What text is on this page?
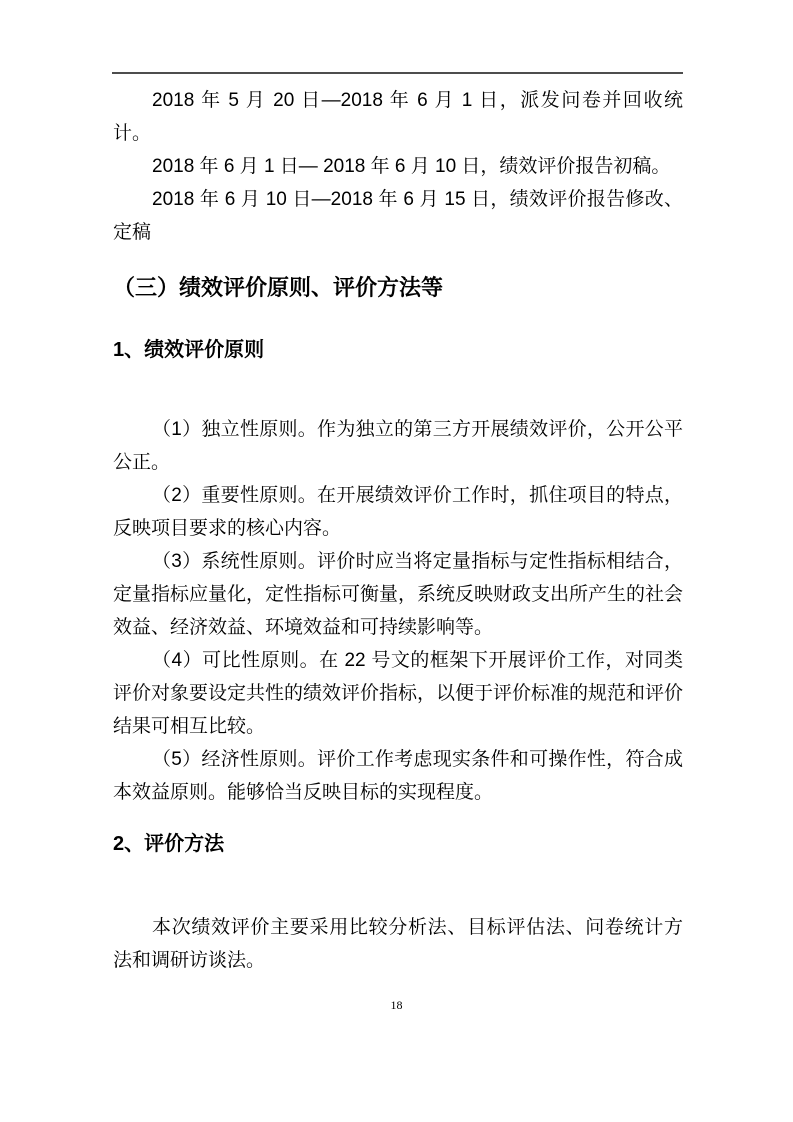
2018 年 5 月 20 日—2018 年 6 月 1 日，派发问卷并回收统计。

2018 年 6 月 1 日— 2018 年 6 月 10 日，绩效评价报告初稿。

2018 年 6 月 10 日—2018 年 6 月 15 日，绩效评价报告修改、定稿

（三）绩效评价原则、评价方法等
1、绩效评价原则

（1）独立性原则。作为独立的第三方开展绩效评价，公开公平公正。

（2）重要性原则。在开展绩效评价工作时，抓住项目的特点，反映项目要求的核心内容。

（3）系统性原则。评价时应当将定量指标与定性指标相结合，定量指标应量化，定性指标可衡量，系统反映财政支出所产生的社会效益、经济效益、环境效益和可持续影响等。

（4）可比性原则。在 22 号文的框架下开展评价工作，对同类评价对象要设定共性的绩效评价指标，以便于评价标准的规范和评价结果可相互比较。

（5）经济性原则。评价工作考虑现实条件和可操作性，符合成本效益原则。能够恰当反映目标的实现程度。

2、评价方法

本次绩效评价主要采用比较分析法、目标评估法、问卷统计方法和调研访谈法。

18
